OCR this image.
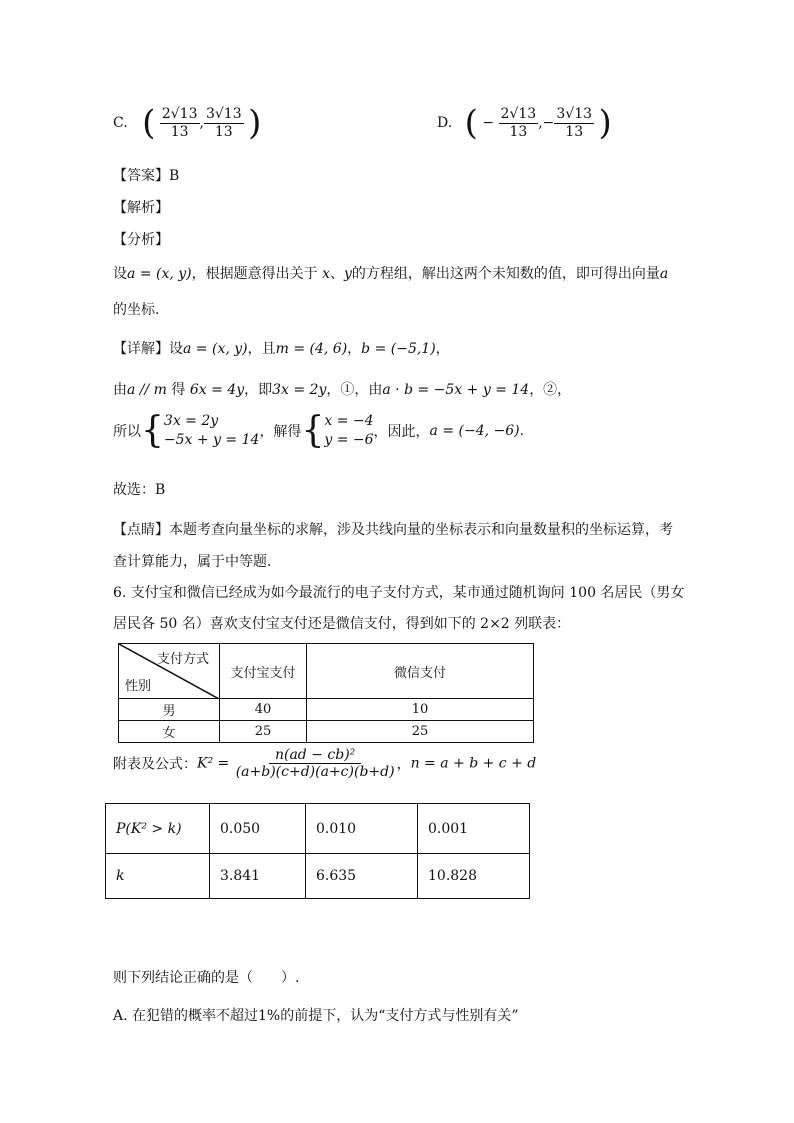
C. ( $\frac{2√13}{13}$ , $\frac{3√13}{13}$ )	D. ( − $\frac{2√13}{13}$ ,− $\frac{3√13}{13}$ )
【答案】B
【解析】
【分析】
设a = (x, y)，根据题意得出关于 x、y的方程组，解出这两个未知数的值，即可得出向量a
的坐标.
【详解】设a = (x, y)，且m = (4, 6)，b = (−5,1)，
由a // m 得 6x = 4y，即3x = 2y，①，由a · b = −5x + y = 14，②，
所以{ 3x = 2y
−5x + y = 14 ，解得{ x = −4
y = −6 ，因此，a = (−4, −6).
故选：B
【点睛】本题考查向量坐标的求解，涉及共线向量的坐标表示和向量数量积的坐标运算，考
查计算能力，属于中等题.
6. 支付宝和微信已经成为如今最流行的电子支付方式，某市通过随机询问 100 名居民（男女
居民各 50 名）喜欢支付宝支付还是微信支付，得到如下的 2×2 列联表：
支付方式
性别	支付宝支付	微信支付
男	40	10
女	25	25
附表及公式：$K^2 = \frac{\text{n(ad − cb)²}}{(a+b)(c+d)(a+c)(b+d)}$ ，n = a + b + c + d
P(K² > k)	0.050	0.010	0.001
k	3.841	6.635	10.828
则下列结论正确的是（　　）.
A. 在犯错的概率不超过1%的前提下，认为“支付方式与性别有关”
